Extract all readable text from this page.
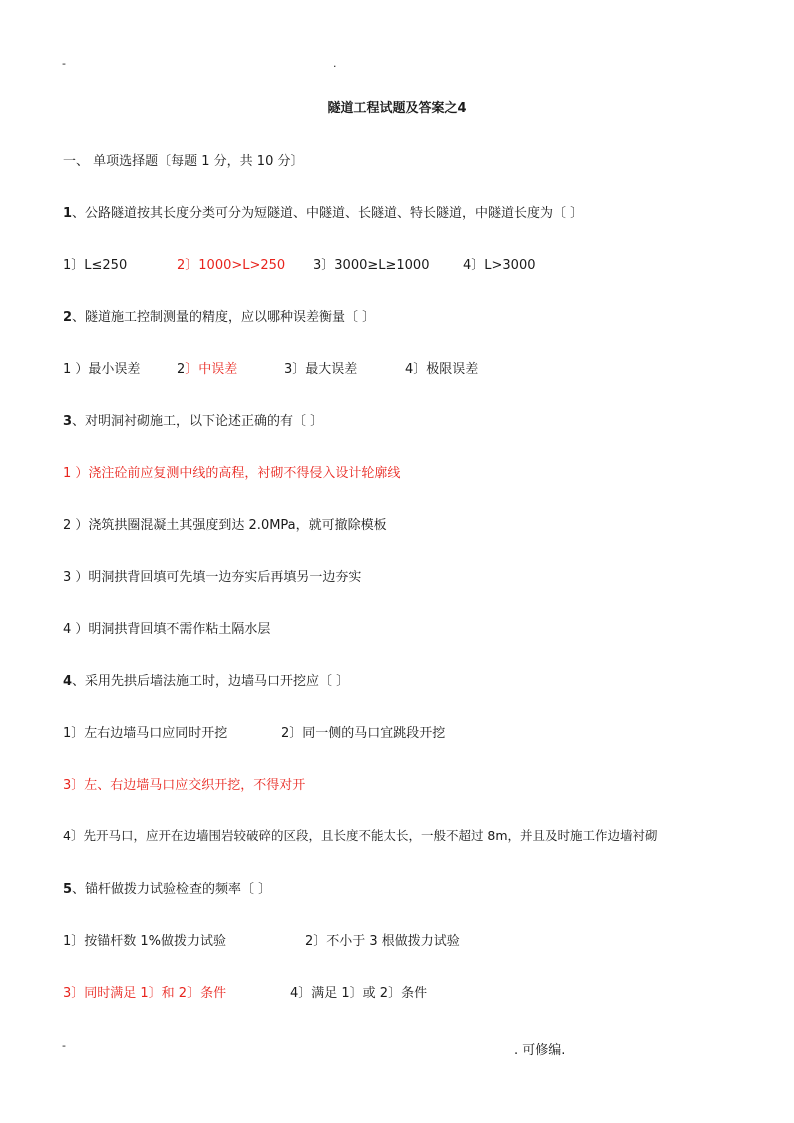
-	.
隧道工程试题及答案之4
一、 单项选择题〔每题 1 分，共 10 分〕
1、公路隧道按其长度分类可分为短隧道、中隧道、长隧道、特长隧道，中隧道长度为〔 〕
1〕L≤250	2〕1000>L>250 3〕3000≥L≥1000	4〕L>3000
2、隧道施工控制测量的精度，应以哪种误差衡量〔 〕
1 ）最小误差	2〕中误差	3〕最大误差	4〕极限误差
3、对明洞衬砌施工，以下论述正确的有〔 〕
1 ）浇注砼前应复测中线的高程，衬砌不得侵入设计轮廓线
2 ）浇筑拱圈混凝土其强度到达 2.0MPa，就可撤除模板
3 ）明洞拱背回填可先填一边夯实后再填另一边夯实
4 ）明洞拱背回填不需作粘土隔水层
4、采用先拱后墙法施工时，边墙马口开挖应〔 〕
1〕左右边墙马口应同时开挖	2〕同一侧的马口宜跳段开挖
3〕左、右边墙马口应交织开挖，不得对开
4〕先开马口，应开在边墙围岩较破碎的区段，且长度不能太长，一般不超过 8m，并且及时施工作边墙衬砌
5、锚杆做拨力试验检查的频率〔 〕
1〕按锚杆数 1%做拨力试验	2〕不小于 3 根做拨力试验
3〕同时满足 1〕和 2〕条件	4〕满足 1〕或 2〕条件
-	. 可修编.
